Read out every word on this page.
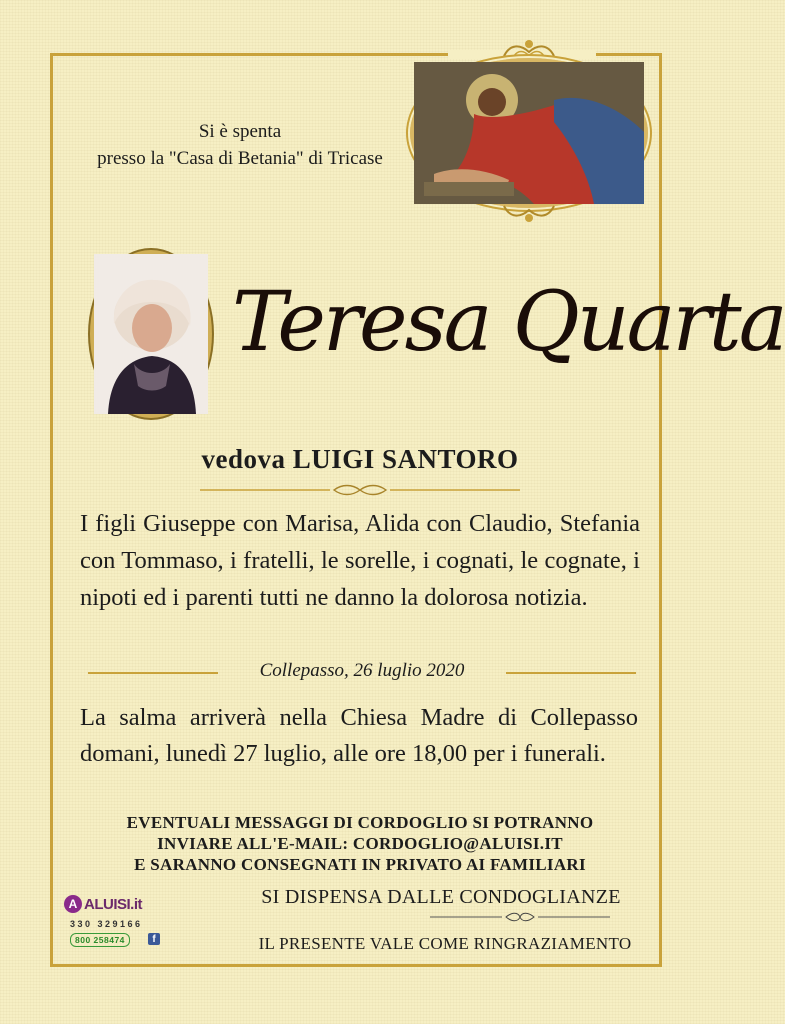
Si è spenta
presso la "Casa di Betania" di Tricase
Teresa Quarta
vedova LUIGI SANTORO
I figli Giuseppe con Marisa, Alida con Claudio, Stefania con Tommaso, i fratelli, le sorelle, i cognati, le cognate, i nipoti ed i parenti tutti ne danno la dolorosa notizia.
Collepasso, 26 luglio 2020
La salma arriverà nella Chiesa Madre di Collepasso domani, lunedì 27 luglio, alle ore 18,00 per i funerali.
EVENTUALI MESSAGGI DI CORDOGLIO SI POTRANNO
INVIARE ALL'E-MAIL: CORDOGLIO@ALUISI.IT
E SARANNO CONSEGNATI IN PRIVATO AI FAMILIARI
SI DISPENSA DALLE CONDOGLIANZE
IL PRESENTE VALE COME RINGRAZIAMENTO
A ALUISI.it
330 329166
800 258474	f
